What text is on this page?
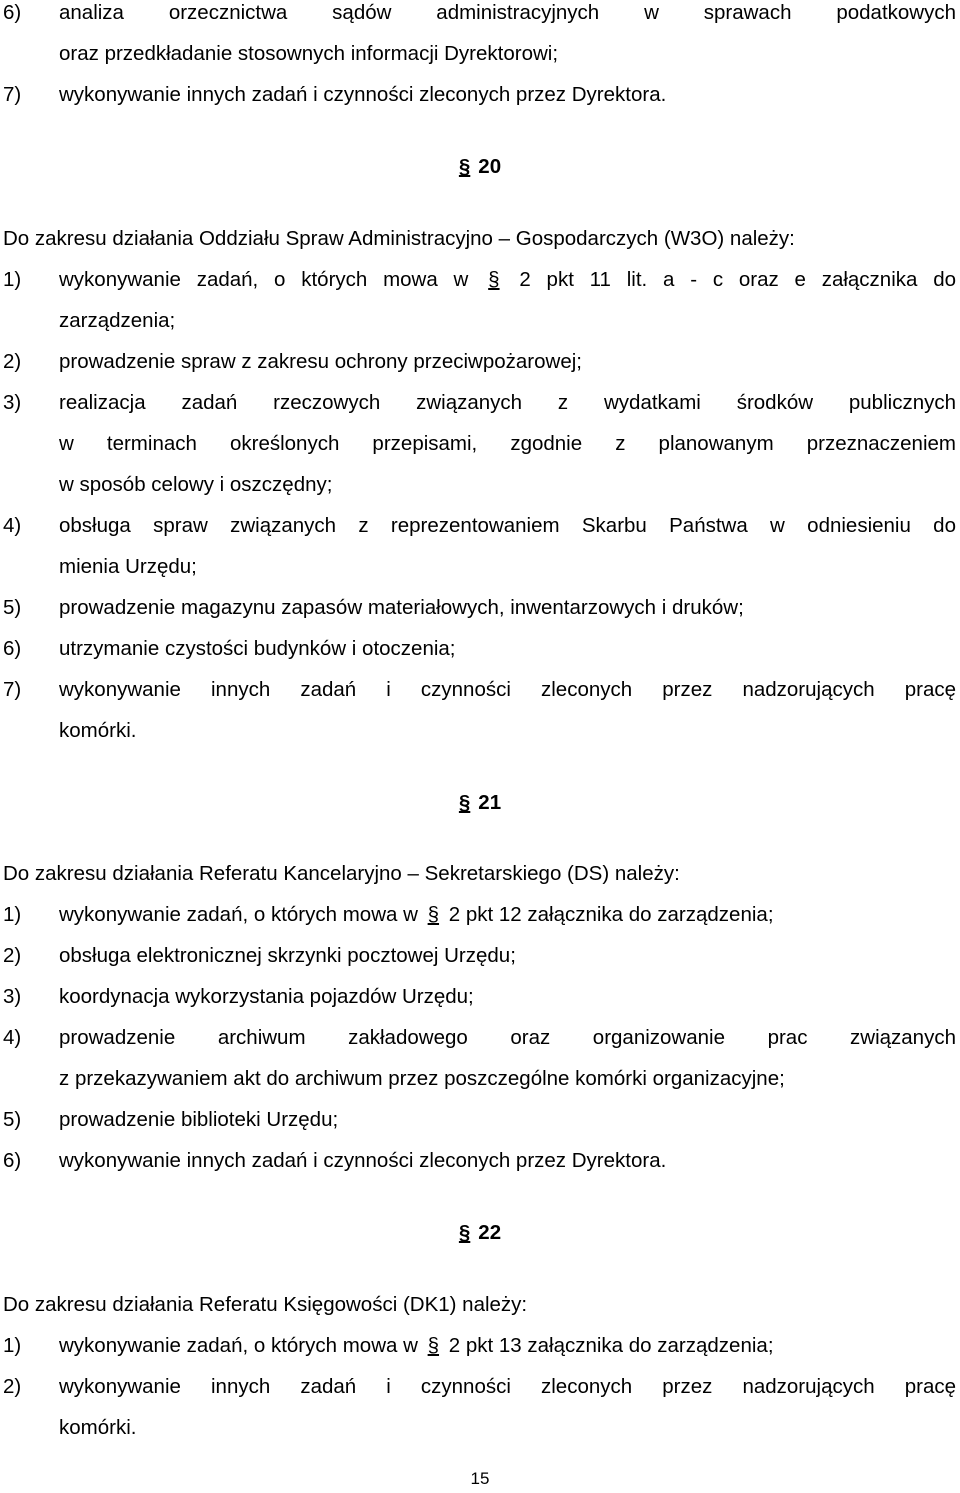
6) analiza orzecznictwa sądów administracyjnych w sprawach podatkowych
oraz przedkładanie stosownych informacji Dyrektorowi;
7) wykonywanie innych zadań i czynności zleconych przez Dyrektora.
§ 20
Do zakresu działania Oddziału Spraw Administracyjno – Gospodarczych (W3O) należy:
1) wykonywanie zadań, o których mowa w § 2 pkt 11 lit. a - c oraz e załącznika do
zarządzenia;
2) prowadzenie spraw z zakresu ochrony przeciwpożarowej;
3) realizacja zadań rzeczowych związanych z wydatkami środków publicznych
w terminach określonych przepisami, zgodnie z planowanym przeznaczeniem
w sposób celowy i oszczędny;
4) obsługa spraw związanych z reprezentowaniem Skarbu Państwa w odniesieniu do
mienia Urzędu;
5) prowadzenie magazynu zapasów materiałowych, inwentarzowych i druków;
6) utrzymanie czystości budynków i otoczenia;
7) wykonywanie innych zadań i czynności zleconych przez nadzorujących pracę
komórki.
§ 21
Do zakresu działania Referatu Kancelaryjno – Sekretarskiego (DS) należy:
1) wykonywanie zadań, o których mowa w § 2 pkt 12 załącznika do zarządzenia;
2) obsługa elektronicznej skrzynki pocztowej Urzędu;
3) koordynacja wykorzystania pojazdów Urzędu;
4) prowadzenie archiwum zakładowego oraz organizowanie prac związanych
z przekazywaniem akt do archiwum przez poszczególne komórki organizacyjne;
5) prowadzenie biblioteki Urzędu;
6) wykonywanie innych zadań i czynności zleconych przez Dyrektora.
§ 22
Do zakresu działania Referatu Księgowości (DK1) należy:
1) wykonywanie zadań, o których mowa w § 2 pkt 13 załącznika do zarządzenia;
2) wykonywanie innych zadań i czynności zleconych przez nadzorujących pracę
komórki.
15
